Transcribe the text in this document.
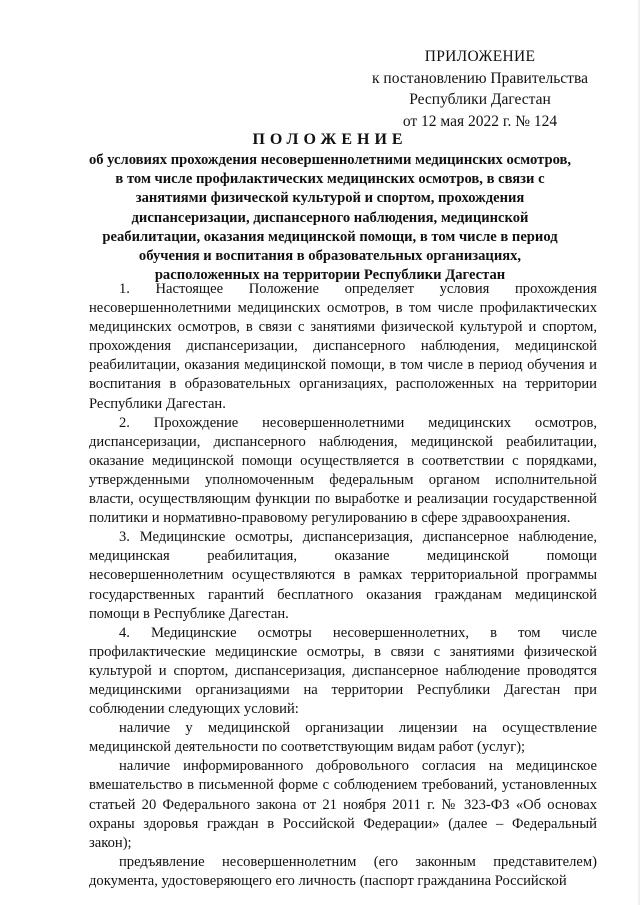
ПРИЛОЖЕНИЕ
к постановлению Правительства
Республики Дагестан
от 12 мая 2022 г. № 124
ПОЛОЖЕНИЕ
об условиях прохождения несовершеннолетними медицинских осмотров,
в том числе профилактических медицинских осмотров, в связи с
занятиями физической культурой и спортом, прохождения
диспансеризации, диспансерного наблюдения, медицинской
реабилитации, оказания медицинской помощи, в том числе в период
обучения и воспитания в образовательных организациях,
расположенных на территории Республики Дагестан

1. Настоящее Положение определяет условия прохождения несовершеннолетними медицинских осмотров, в том числе профилактических медицинских осмотров, в связи с занятиями физической культурой и спортом, прохождения диспансеризации, диспансерного наблюдения, медицинской реабилитации, оказания медицинской помощи, в том числе в период обучения и воспитания в образовательных организациях, расположенных на территории Республики Дагестан.

2. Прохождение несовершеннолетними медицинских осмотров, диспансеризации, диспансерного наблюдения, медицинской реабилитации, оказание медицинской помощи осуществляется в соответствии с порядками, утвержденными уполномоченным федеральным органом исполнительной власти, осуществляющим функции по выработке и реализации государственной политики и нормативно-правовому регулированию в сфере здравоохранения.

3. Медицинские осмотры, диспансеризация, диспансерное наблюдение, медицинская реабилитация, оказание медицинской помощи несовершеннолетним осуществляются в рамках территориальной программы государственных гарантий бесплатного оказания гражданам медицинской помощи в Республике Дагестан.

4. Медицинские осмотры несовершеннолетних, в том числе профилактические медицинские осмотры, в связи с занятиями физической культурой и спортом, диспансеризация, диспансерное наблюдение проводятся медицинскими организациями на территории Республики Дагестан при соблюдении следующих условий:

наличие у медицинской организации лицензии на осуществление медицинской деятельности по соответствующим видам работ (услуг);

наличие информированного добровольного согласия на медицинское вмешательство в письменной форме с соблюдением требований, установленных статьей 20 Федерального закона от 21 ноября 2011 г. № 323-ФЗ «Об основах охраны здоровья граждан в Российской Федерации» (далее – Федеральный закон);

предъявление несовершеннолетним (его законным представителем) документа, удостоверяющего его личность (паспорт гражданина Российской
